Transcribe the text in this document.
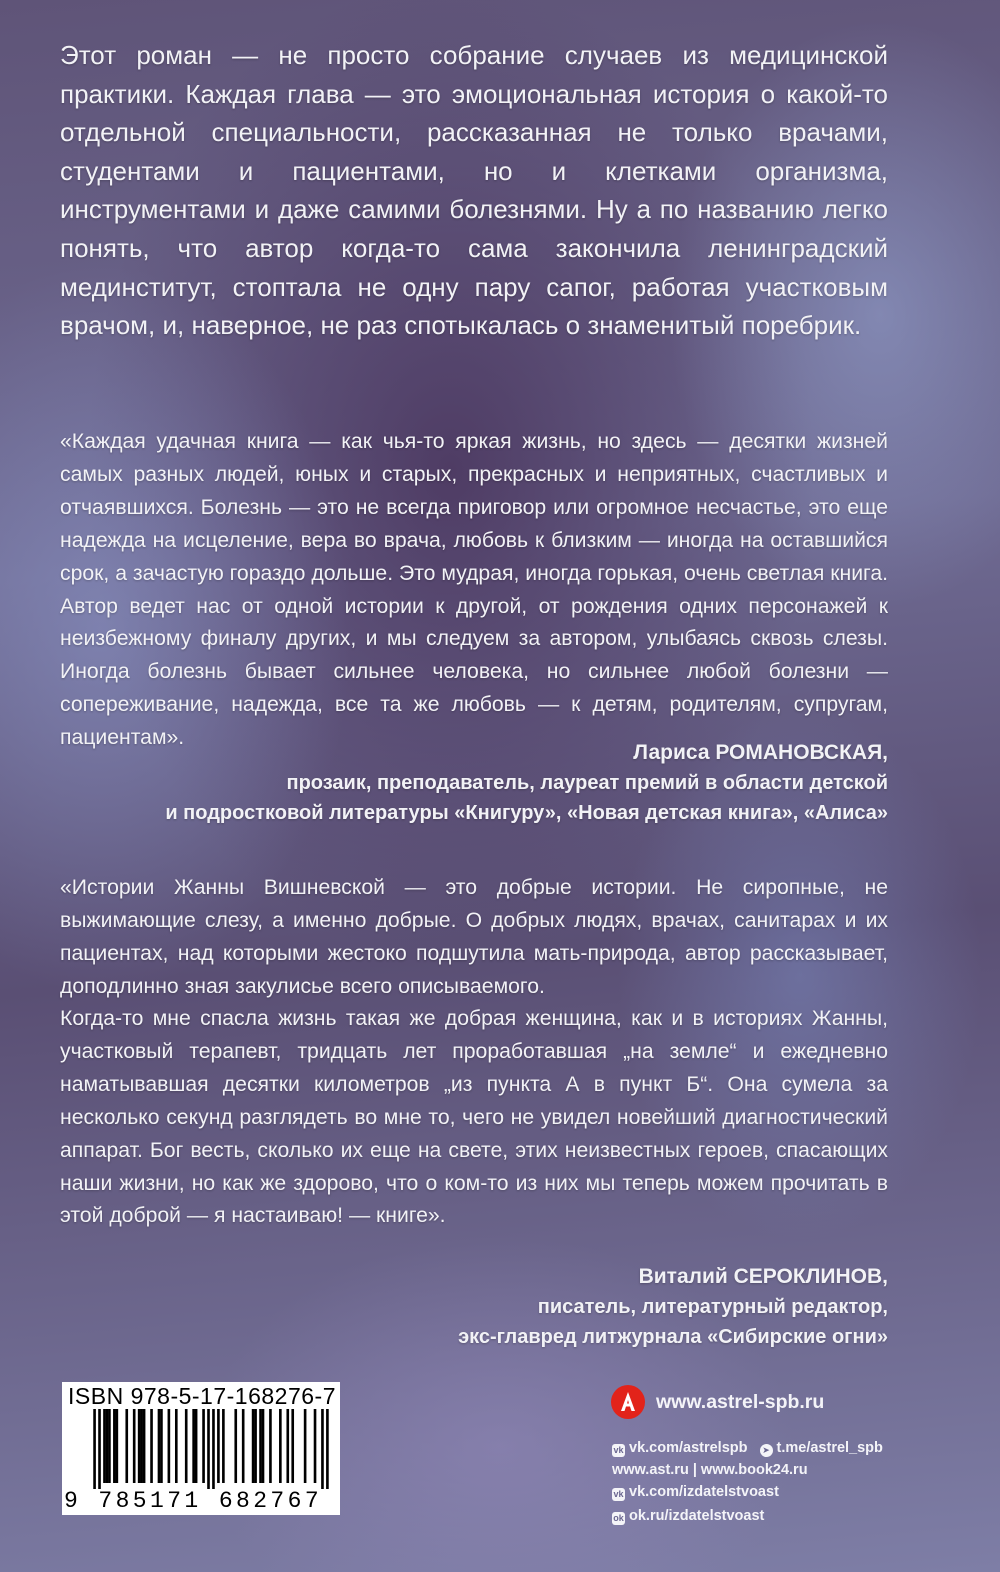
Этот роман — не просто собрание случаев из медицинской практики. Каждая глава — это эмоциональная история о какой-то отдельной специальности, рассказанная не только врачами, студентами и пациентами, но и клетками организма, инструментами и даже самими болезнями. Ну а по названию легко понять, что автор когда-то сама закончила ленинградский мединститут, стоптала не одну пару сапог, работая участковым врачом, и, наверное, не раз спотыкалась о знаменитый поребрик.

«Каждая удачная книга — как чья-то яркая жизнь, но здесь — десятки жизней самых разных людей, юных и старых, прекрасных и неприятных, счастливых и отчаявшихся. Болезнь — это не всегда приговор или огромное несчастье, это еще надежда на исцеление, вера во врача, любовь к близким — иногда на оставшийся срок, а зачастую гораздо дольше. Это мудрая, иногда горькая, очень светлая книга. Автор ведет нас от одной истории к другой, от рождения одних персонажей к неизбежному финалу других, и мы следуем за автором, улыбаясь сквозь слезы. Иногда болезнь бывает сильнее человека, но сильнее любой болезни — сопереживание, надежда, все та же любовь — к детям, родителям, супругам, пациентам».

Лариса РОМАНОВСКАЯ,
прозаик, преподаватель, лауреат премий в области детской
и подростковой литературы «Книгуру», «Новая детская книга», «Алиса»

«Истории Жанны Вишневской — это добрые истории. Не сиропные, не выжимающие слезу, а именно добрые. О добрых людях, врачах, санитарах и их пациентах, над которыми жестоко подшутила мать-природа, автор рассказывает, доподлинно зная закулисье всего описываемого.

Когда-то мне спасла жизнь такая же добрая женщина, как и в историях Жанны, участковый терапевт, тридцать лет проработавшая „на земле“ и ежедневно наматывавшая десятки километров „из пункта А в пункт Б“. Она сумела за несколько секунд разглядеть во мне то, чего не увидел новейший диагностический аппарат. Бог весть, сколько их еще на свете, этих неизвестных героев, спасающих наши жизни, но как же здорово, что о ком-то из них мы теперь можем прочитать в этой доброй — я настаиваю! — книге».

Виталий СЕРОКЛИНОВ,
писатель, литературный редактор,
экс-главред литжурнала «Сибирские огни»
ISBN 978-5-17-168276-7
9 785171 682767
www.astrel-spb.ru
vk vk.com/astrelspb ➤ t.me/astrel_spb
www.ast.ru | www.book24.ru
vk vk.com/izdatelstvoast
ok ok.ru/izdatelstvoast
